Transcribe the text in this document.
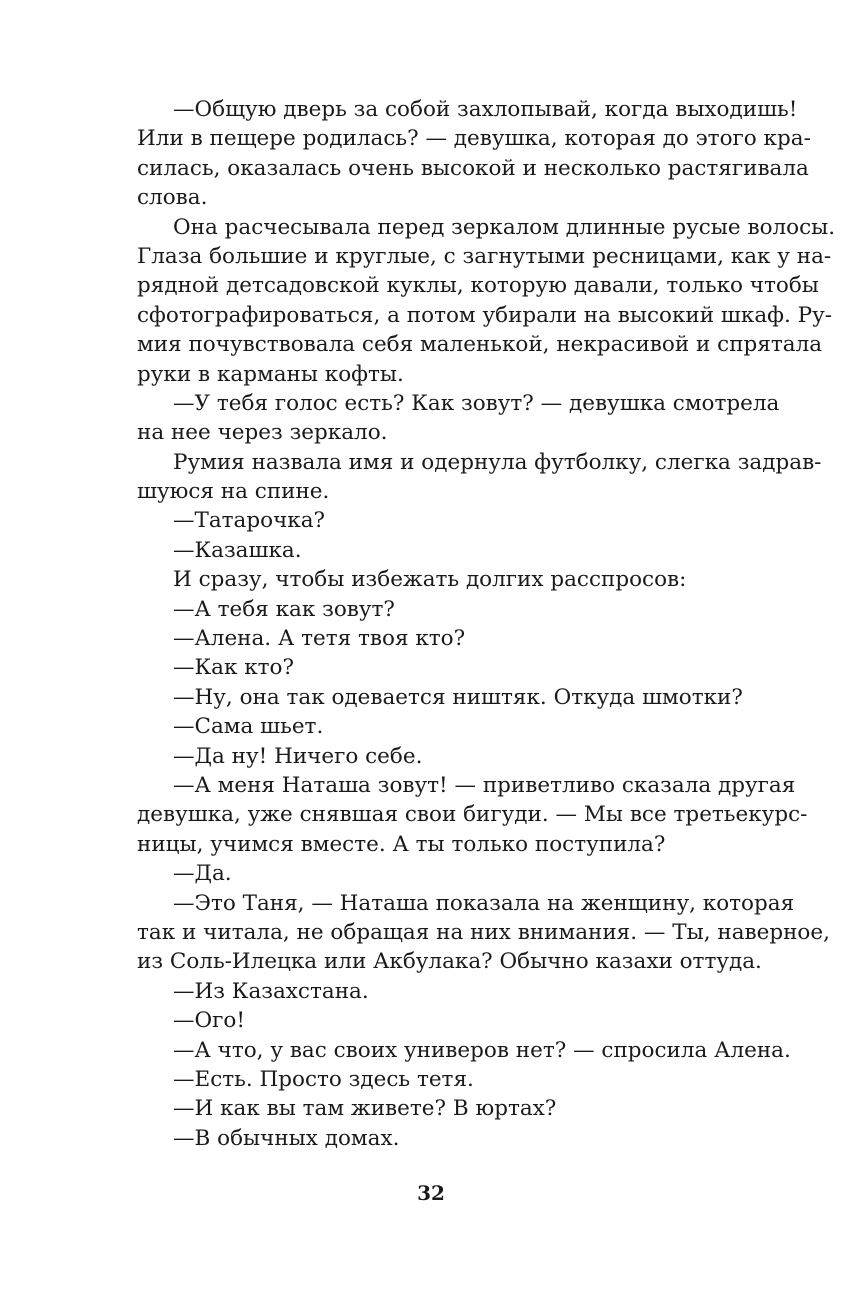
—Общую дверь за собой захлопывай, когда выходишь!
Или в пещере родилась? — девушка, которая до этого кра-
силась, оказалась очень высокой и несколько растягивала
слова.
Она расчесывала перед зеркалом длинные русые волосы.
Глаза большие и круглые, с загнутыми ресницами, как у на-
рядной детсадовской куклы, которую давали, только чтобы
сфотографироваться, а потом убирали на высокий шкаф. Ру-
мия почувствовала себя маленькой, некрасивой и спрятала
руки в карманы кофты.
—У тебя голос есть? Как зовут? — девушка смотрела
на нее через зеркало.
Румия назвала имя и одернула футболку, слегка задрав-
шуюся на спине.
—Татарочка?
—Казашка.
И сразу, чтобы избежать долгих расспросов:
—А тебя как зовут?
—Алена. А тетя твоя кто?
—Как кто?
—Ну, она так одевается ништяк. Откуда шмотки?
—Сама шьет.
—Да ну! Ничего себе.
—А меня Наташа зовут! — приветливо сказала другая
девушка, уже снявшая свои бигуди. — Мы все третьекурс-
ницы, учимся вместе. А ты только поступила?
—Да.
—Это Таня, — Наташа показала на женщину, которая
так и читала, не обращая на них внимания. — Ты, наверное,
из Соль-Илецка или Акбулака? Обычно казахи оттуда.
—Из Казахстана.
—Ого!
—А что, у вас своих универов нет? — спросила Алена.
—Есть. Просто здесь тетя.
—И как вы там живете? В юртах?
—В обычных домах.
32
